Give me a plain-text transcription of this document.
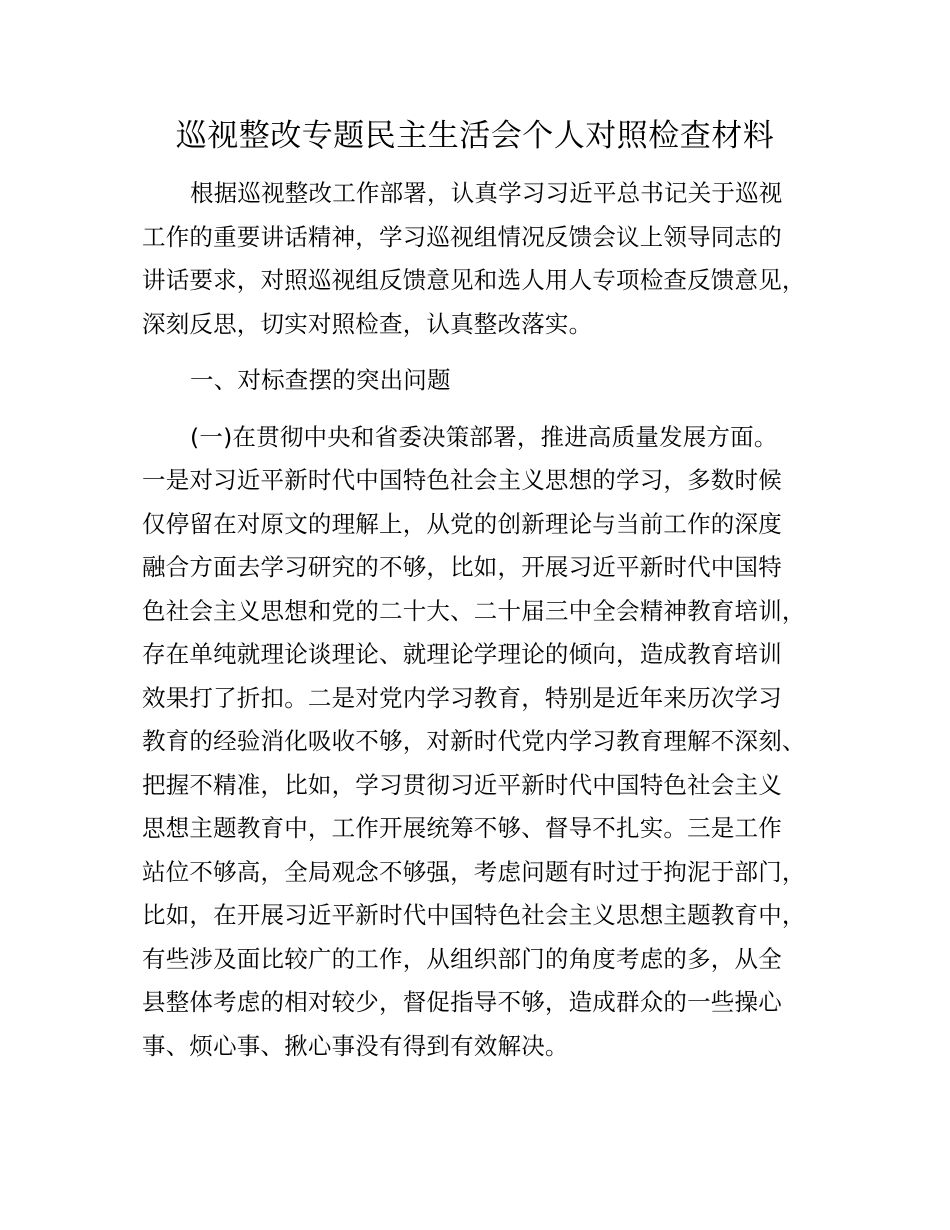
巡视整改专题民主生活会个人对照检查材料
根据巡视整改工作部署，认真学习习近平总书记关于巡视
工作的重要讲话精神，学习巡视组情况反馈会议上领导同志的
讲话要求，对照巡视组反馈意见和选人用人专项检查反馈意见，
深刻反思，切实对照检查，认真整改落实。
一、对标查摆的突出问题
(一)在贯彻中央和省委决策部署，推进高质量发展方面。
一是对习近平新时代中国特色社会主义思想的学习，多数时候
仅停留在对原文的理解上，从党的创新理论与当前工作的深度
融合方面去学习研究的不够，比如，开展习近平新时代中国特
色社会主义思想和党的二十大、二十届三中全会精神教育培训，
存在单纯就理论谈理论、就理论学理论的倾向，造成教育培训
效果打了折扣。二是对党内学习教育，特别是近年来历次学习
教育的经验消化吸收不够，对新时代党内学习教育理解不深刻、
把握不精准，比如，学习贯彻习近平新时代中国特色社会主义
思想主题教育中，工作开展统筹不够、督导不扎实。三是工作
站位不够高，全局观念不够强，考虑问题有时过于拘泥于部门，
比如，在开展习近平新时代中国特色社会主义思想主题教育中，
有些涉及面比较广的工作，从组织部门的角度考虑的多，从全
县整体考虑的相对较少，督促指导不够，造成群众的一些操心
事、烦心事、揪心事没有得到有效解决。
